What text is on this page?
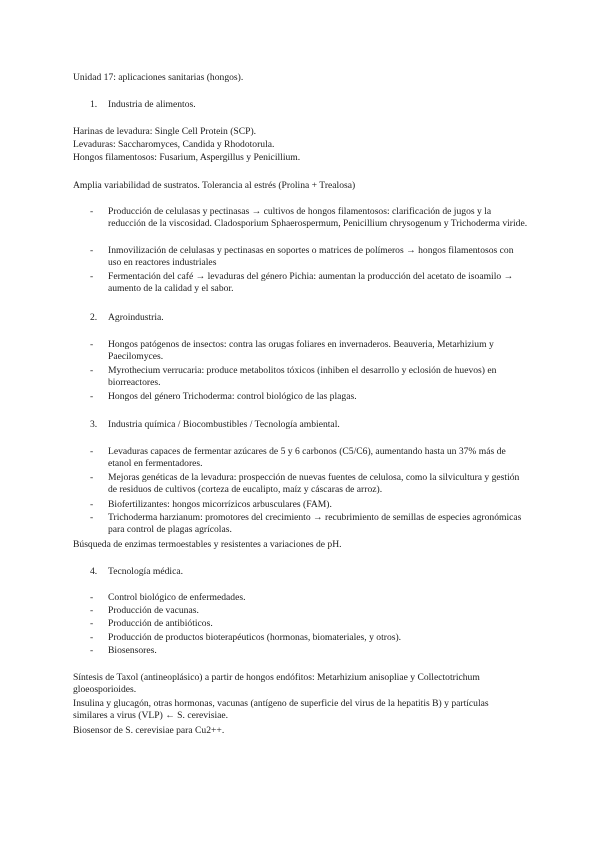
Unidad 17: aplicaciones sanitarias (hongos).
1. Industria de alimentos.
Harinas de levadura: Single Cell Protein (SCP).
Levaduras: Saccharomyces, Candida y Rhodotorula.
Hongos filamentosos: Fusarium, Aspergillus y Penicillium.
Amplia variabilidad de sustratos. Tolerancia al estrés (Prolina + Trealosa)
- Producción de celulasas y pectinasas → cultivos de hongos filamentosos: clarificación de jugos y la reducción de la viscosidad. Cladosporium Sphaerospermum, Penicillium chrysogenum y Trichoderma viride.
- Inmovilización de celulasas y pectinasas en soportes o matrices de polímeros → hongos filamentosos con uso en reactores industriales
- Fermentación del café → levaduras del género Pichia: aumentan la producción del acetato de isoamilo → aumento de la calidad y el sabor.
2. Agroindustria.
- Hongos patógenos de insectos: contra las orugas foliares en invernaderos. Beauveria, Metarhizium y Paecilomyces.
- Myrothecium verrucaria: produce metabolitos tóxicos (inhiben el desarrollo y eclosión de huevos) en biorreactores.
- Hongos del género Trichoderma: control biológico de las plagas.
3. Industria química / Biocombustibles / Tecnología ambiental.
- Levaduras capaces de fermentar azúcares de 5 y 6 carbonos (C5/C6), aumentando hasta un 37% más de etanol en fermentadores.
- Mejoras genéticas de la levadura: prospección de nuevas fuentes de celulosa, como la silvicultura y gestión de residuos de cultivos (corteza de eucalipto, maíz y cáscaras de arroz).
- Biofertilizantes: hongos micorrízicos arbusculares (FAM).
- Trichoderma harzianum: promotores del crecimiento → recubrimiento de semillas de especies agronómicas para control de plagas agrícolas.
Búsqueda de enzimas termoestables y resistentes a variaciones de pH.
4. Tecnología médica.
- Control biológico de enfermedades.
- Producción de vacunas.
- Producción de antibióticos.
- Producción de productos bioterapéuticos (hormonas, biomateriales, y otros).
- Biosensores.
Síntesis de Taxol (antineoplásico) a partir de hongos endófitos: Metarhizium anisopliae y Collectotrichum gloeosporioides.
Insulina y glucagón, otras hormonas, vacunas (antígeno de superficie del virus de la hepatitis B) y partículas similares a virus (VLP) ← S. cerevisiae.
Biosensor de S. cerevisiae para Cu2++.
